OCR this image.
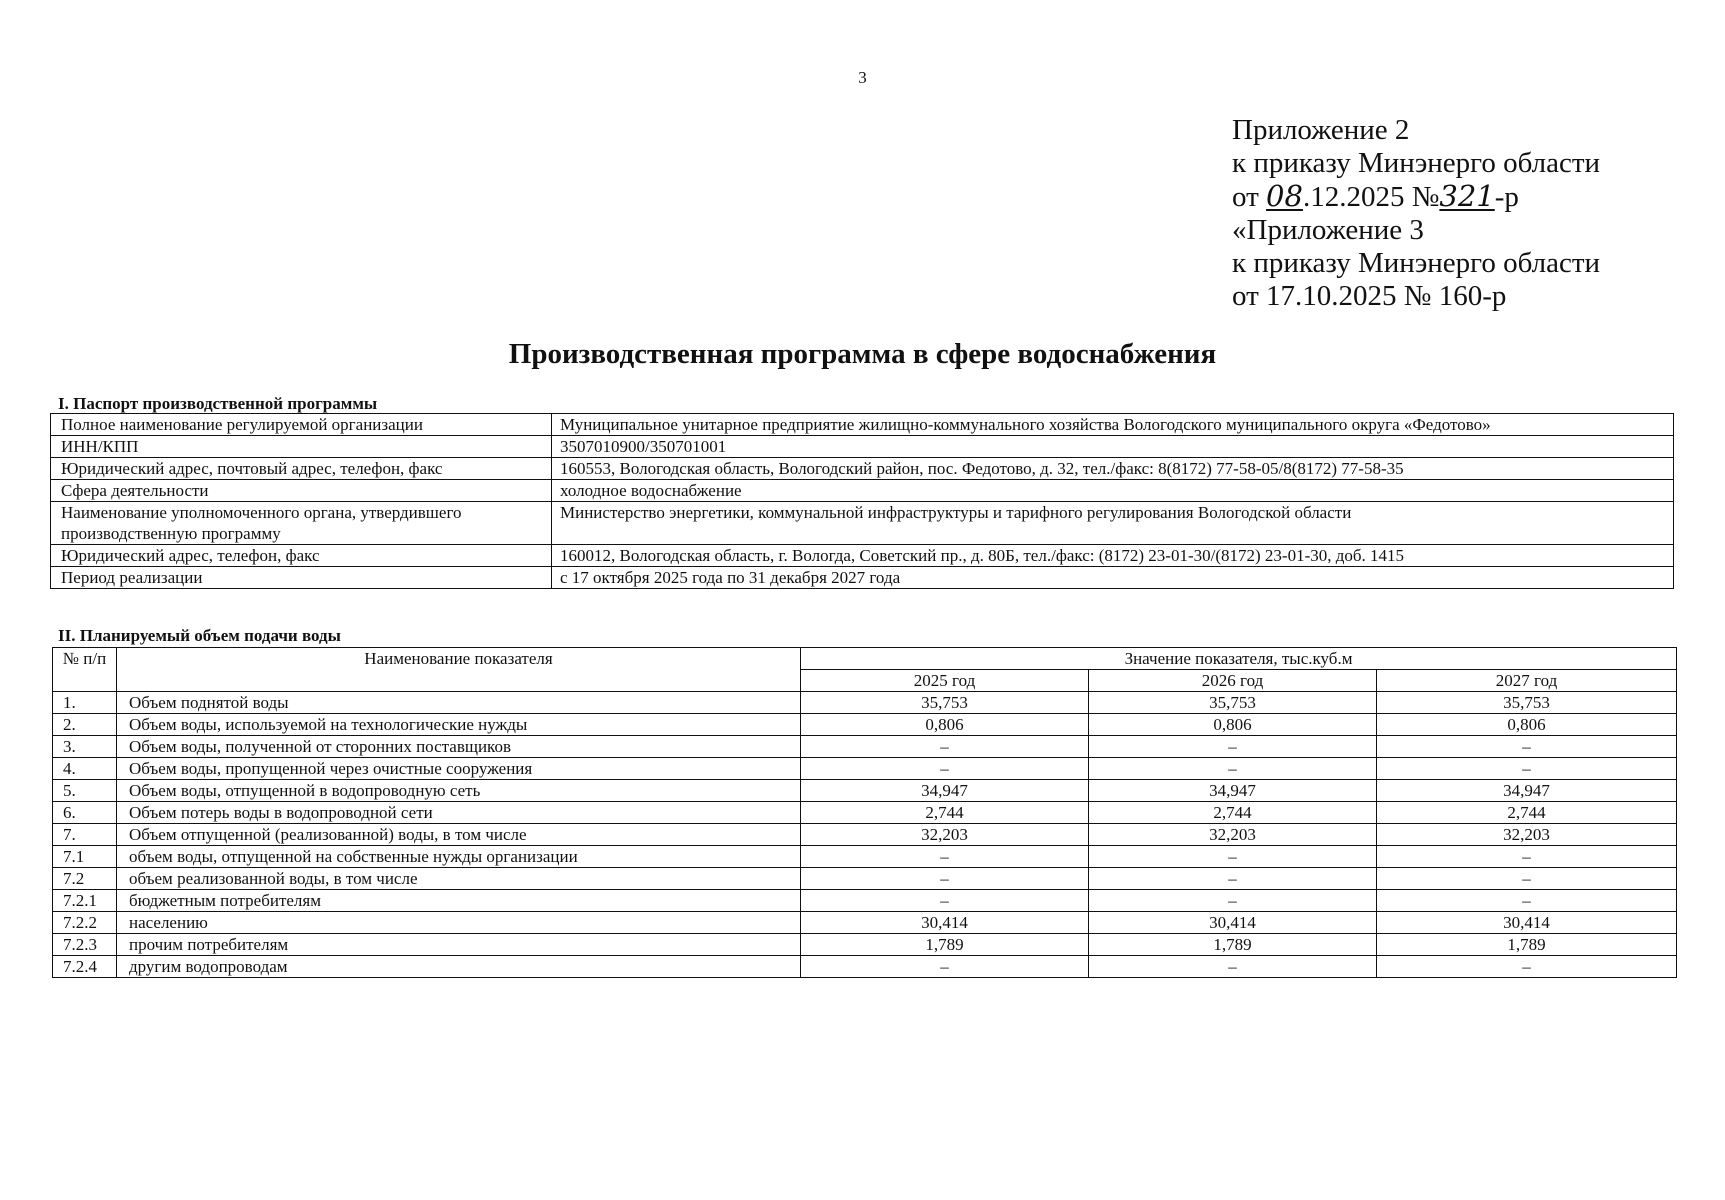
3
Приложение 2
к приказу Минэнерго области
от 08.12.2025 №321-р
«Приложение 3
к приказу Минэнерго области
от 17.10.2025 № 160-р
Производственная программа в сфере водоснабжения
I. Паспорт производственной программы
Полное наименование регулируемой организации	Муниципальное унитарное предприятие жилищно-коммунального хозяйства Вологодского муниципального округа «Федотово»
ИНН/КПП	3507010900/350701001
Юридический адрес, почтовый адрес, телефон, факс	160553, Вологодская область, Вологодский район, пос. Федотово, д. 32, тел./факс: 8(8172) 77-58-05/8(8172) 77-58-35
Сфера деятельности	холодное водоснабжение
Наименование уполномоченного органа, утвердившего производственную программу	Министерство энергетики, коммунальной инфраструктуры и тарифного регулирования Вологодской области
Юридический адрес, телефон, факс	160012, Вологодская область, г. Вологда, Советский пр., д. 80Б, тел./факс: (8172) 23-01-30/(8172) 23-01-30, доб. 1415
Период реализации	с 17 октября 2025 года по 31 декабря 2027 года
II. Планируемый объем подачи воды
№ п/п	Наименование показателя	Значение показателя, тыс.куб.м		
		2025 год	2026 год	2027 год
1.	Объем поднятой воды	35,753	35,753	35,753
2.	Объем воды, используемой на технологические нужды	0,806	0,806	0,806
3.	Объем воды, полученной от сторонних поставщиков	–	–	–
4.	Объем воды, пропущенной через очистные сооружения	–	–	–
5.	Объем воды, отпущенной в водопроводную сеть	34,947	34,947	34,947
6.	Объем потерь воды в водопроводной сети	2,744	2,744	2,744
7.	Объем отпущенной (реализованной) воды, в том числе	32,203	32,203	32,203
7.1	объем воды, отпущенной на собственные нужды организации	–	–	–
7.2	объем реализованной воды, в том числе	–	–	–
7.2.1	бюджетным потребителям	–	–	–
7.2.2	населению	30,414	30,414	30,414
7.2.3	прочим потребителям	1,789	1,789	1,789
7.2.4	другим водопроводам	–	–	–
